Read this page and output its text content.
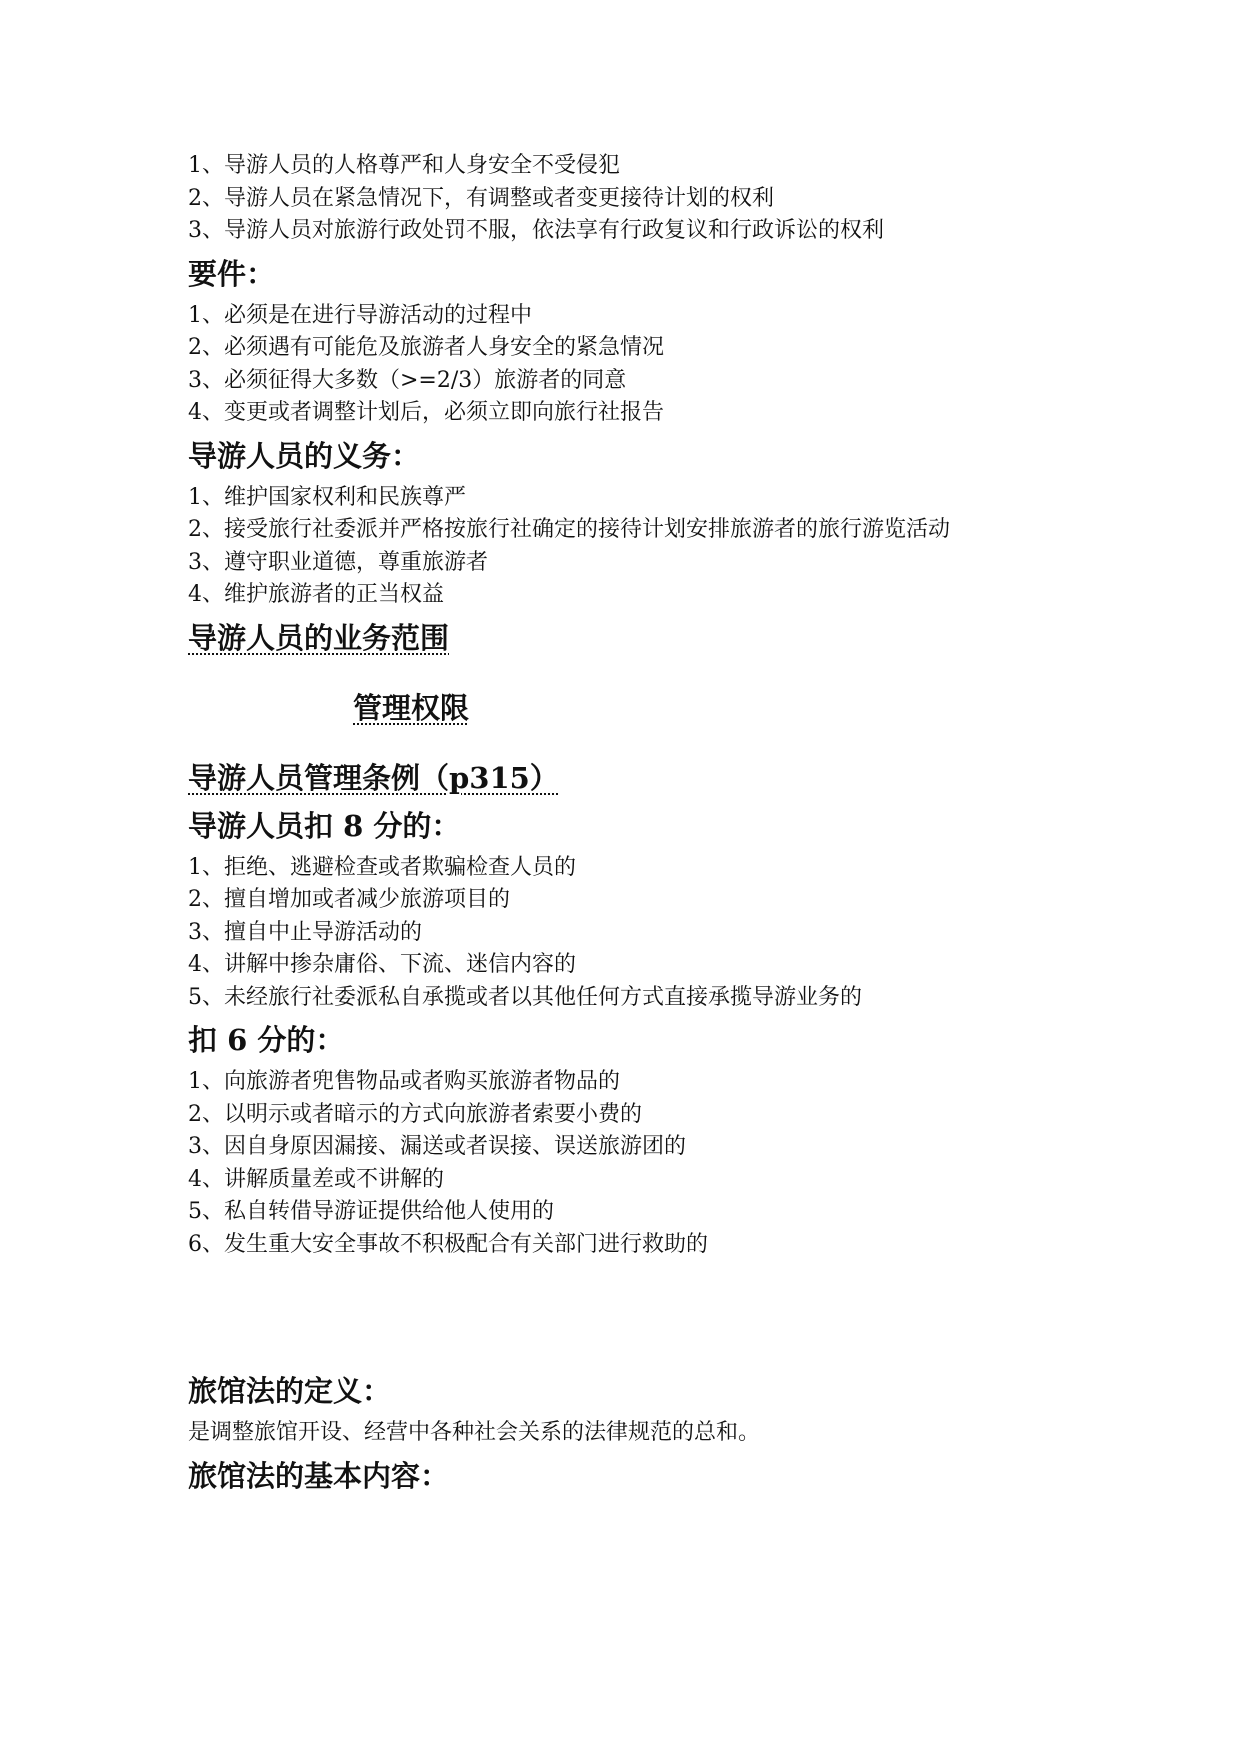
1、导游人员的人格尊严和人身安全不受侵犯

2、导游人员在紧急情况下，有调整或者变更接待计划的权利

3、导游人员对旅游行政处罚不服，依法享有行政复议和行政诉讼的权利

要件：

1、必须是在进行导游活动的过程中

2、必须遇有可能危及旅游者人身安全的紧急情况

3、必须征得大多数（>=2/3）旅游者的同意

4、变更或者调整计划后，必须立即向旅行社报告

导游人员的义务：

1、维护国家权利和民族尊严

2、接受旅行社委派并严格按旅行社确定的接待计划安排旅游者的旅行游览活动

3、遵守职业道德，尊重旅游者

4、维护旅游者的正当权益

导游人员的业务范围
管理权限
导游人员管理条例（p315）
导游人员扣 8 分的：

1、拒绝、逃避检查或者欺骗检查人员的

2、擅自增加或者减少旅游项目的

3、擅自中止导游活动的

4、讲解中掺杂庸俗、下流、迷信内容的

5、未经旅行社委派私自承揽或者以其他任何方式直接承揽导游业务的

扣 6 分的：

1、向旅游者兜售物品或者购买旅游者物品的

2、以明示或者暗示的方式向旅游者索要小费的

3、因自身原因漏接、漏送或者误接、误送旅游团的

4、讲解质量差或不讲解的

5、私自转借导游证提供给他人使用的

6、发生重大安全事故不积极配合有关部门进行救助的

旅馆法的定义：

是调整旅馆开设、经营中各种社会关系的法律规范的总和。

旅馆法的基本内容：
